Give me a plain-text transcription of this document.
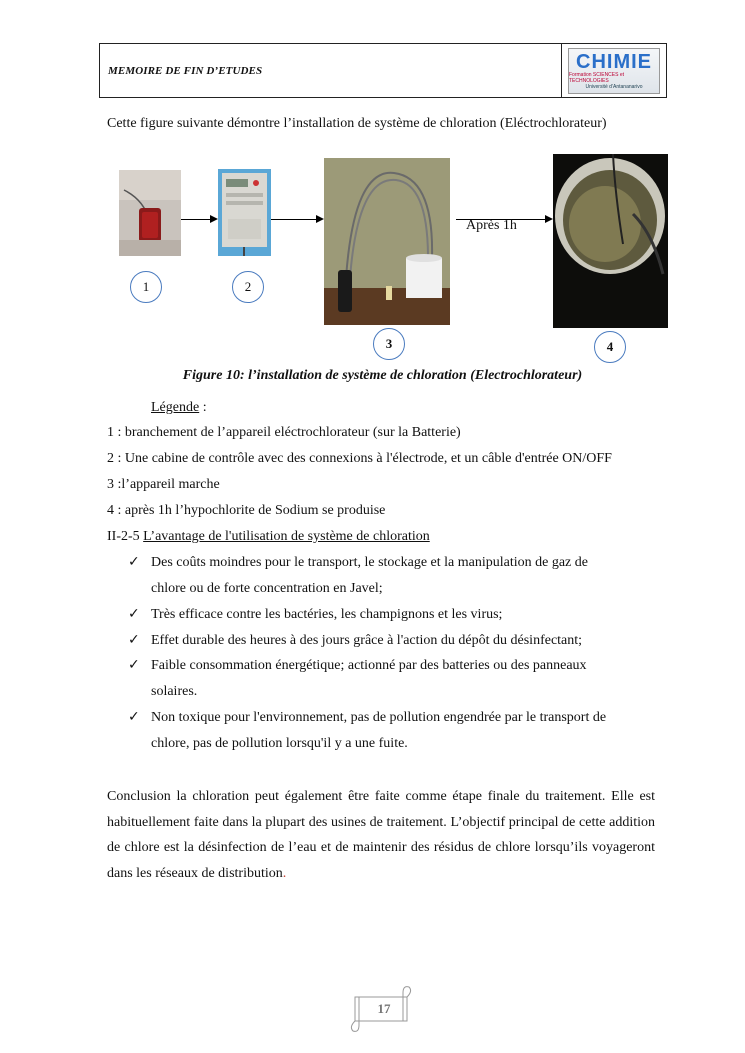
MEMOIRE DE FIN D’ETUDES	CHIMIE
Formation SCIENCES et TECHNOLOGIES
Université d’Antananarivo
Cette figure suivante démontre l’installation de système de chloration (Eléctrochlorateur)
Après 1h
1	2
3	4
Figure 10: l’installation de système de chloration (Electrochlorateur)
Légende :
1 : branchement de l’appareil eléctrochlorateur (sur la Batterie)
2 : Une cabine de contrôle avec des connexions à l'électrode, et un câble d'entrée ON/OFF
3 :l’appareil marche
4 : après 1h l’hypochlorite de Sodium se produise
II-2-5 L’avantage de l'utilisation de système de chloration
✓ Des coûts moindres pour le transport, le stockage et la manipulation de gaz de
chlore ou de forte concentration en Javel;
✓ Très efficace contre les bactéries, les champignons et les virus;
✓ Effet durable des heures à des jours grâce à l'action du dépôt du désinfectant;
✓ Faible consommation énergétique; actionné par des batteries ou des panneaux
solaires.
✓ Non toxique pour l'environnement, pas de pollution engendrée par le transport de
chlore, pas de pollution lorsqu'il y a une fuite.
Conclusion la chloration peut également être faite comme étape finale du traitement. Elle est habituellement faite dans la plupart des usines de traitement. L’objectif principal de cette addition de chlore est la désinfection de l’eau et de maintenir des résidus de chlore lorsqu’ils voyageront dans les réseaux de distribution.
17
